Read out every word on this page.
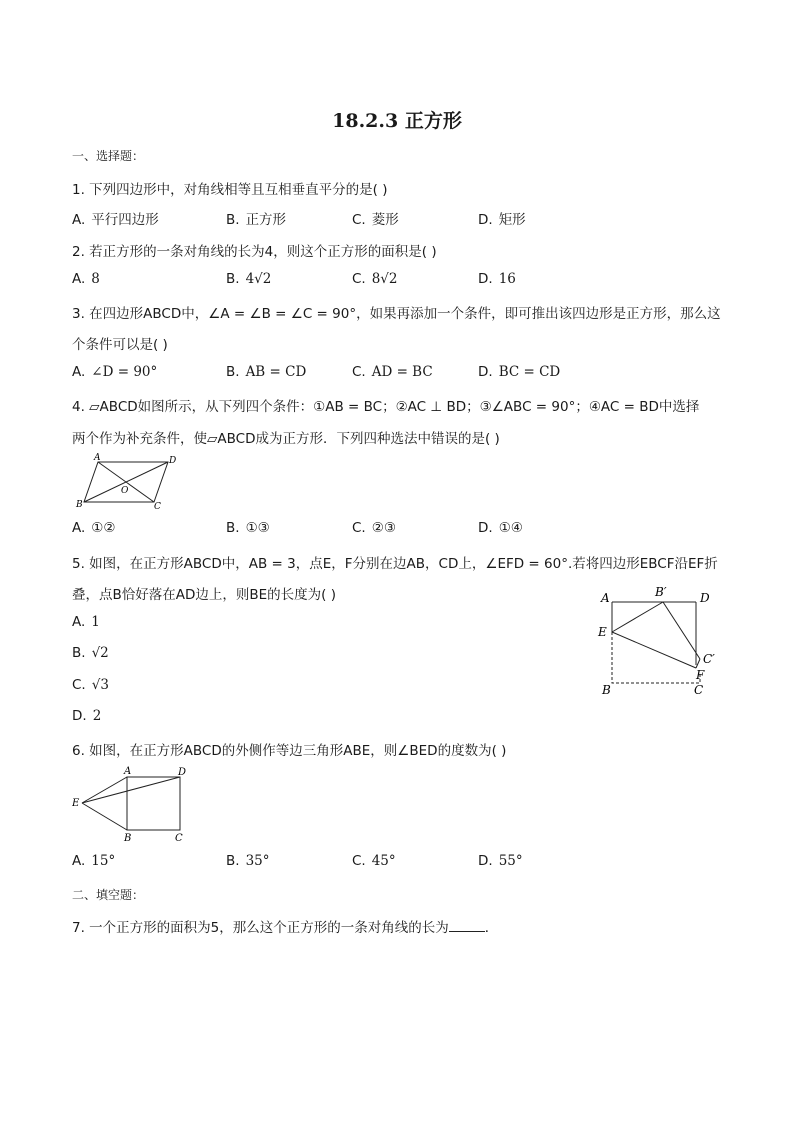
18.2.3 正方形
一、选择题：
1. 下列四边形中，对角线相等且互相垂直平分的是( )
A. 平行四边形	B. 正方形	C. 菱形	D. 矩形
2. 若正方形的一条对角线的长为4，则这个正方形的面积是( )
A. 8	B. 4√2	C. 8√2	D. 16
3. 在四边形ABCD中，∠A = ∠B = ∠C = 90°，如果再添加一个条件，即可推出该四边形是正方形，那么这
个条件可以是( )
A. ∠D = 90°	B. AB = CD	C. AD = BC	D. BC = CD
4. ▱ABCD如图所示，从下列四个条件：①AB = BC；②AC ⊥ BD；③∠ABC = 90°；④AC = BD中选择
两个作为补充条件，使▱ABCD成为正方形．下列四种选法中错误的是( )
A	D
B	C
O
A. ①②	B. ①③	C. ②③	D. ①④
5. 如图，在正方形ABCD中，AB = 3，点E，F分别在边AB，CD上，∠EFD = 60°.若将四边形EBCF沿EF折
叠，点B恰好落在AD边上，则BE的长度为( )	A	B′	D
E
C′
F
B	C
A. 1
B. √2
C. √3
D. 2
6. 如图，在正方形ABCD的外侧作等边三角形ABE，则∠BED的度数为( )
A	D
E
B	C
A. 15°	B. 35°	C. 45°	D. 55°
二、填空题：
7. 一个正方形的面积为5，那么这个正方形的一条对角线的长为	．
